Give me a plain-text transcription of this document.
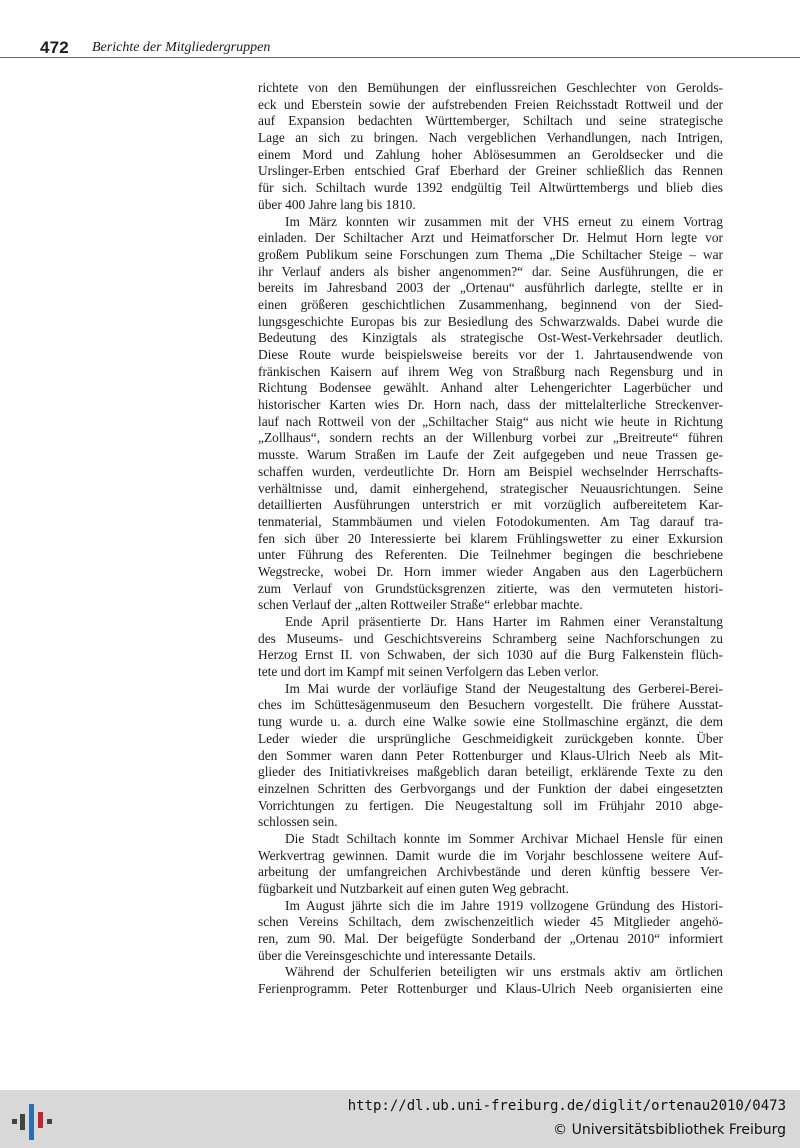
472 Berichte der Mitgliedergruppen
richtete von den Bemühungen der einflussreichen Geschlechter von Gerolds-
eck und Eberstein sowie der aufstrebenden Freien Reichsstadt Rottweil und der
auf Expansion bedachten Württemberger, Schiltach und seine strategische
Lage an sich zu bringen. Nach vergeblichen Verhandlungen, nach Intrigen,
einem Mord und Zahlung hoher Ablösesummen an Geroldsecker und die
Urslinger-Erben entschied Graf Eberhard der Greiner schließlich das Rennen
für sich. Schiltach wurde 1392 endgültig Teil Altwürttembergs und blieb dies
über 400 Jahre lang bis 1810.
Im März konnten wir zusammen mit der VHS erneut zu einem Vortrag
einladen. Der Schiltacher Arzt und Heimatforscher Dr. Helmut Horn legte vor
großem Publikum seine Forschungen zum Thema „Die Schiltacher Steige – war
ihr Verlauf anders als bisher angenommen?“ dar. Seine Ausführungen, die er
bereits im Jahresband 2003 der „Ortenau“ ausführlich darlegte, stellte er in
einen größeren geschichtlichen Zusammenhang, beginnend von der Sied-
lungsgeschichte Europas bis zur Besiedlung des Schwarzwalds. Dabei wurde die
Bedeutung des Kinzigtals als strategische Ost-West-Verkehrsader deutlich.
Diese Route wurde beispielsweise bereits vor der 1. Jahrtausendwende von
fränkischen Kaisern auf ihrem Weg von Straßburg nach Regensburg und in
Richtung Bodensee gewählt. Anhand alter Lehengerichter Lagerbücher und
historischer Karten wies Dr. Horn nach, dass der mittelalterliche Streckenver-
lauf nach Rottweil von der „Schiltacher Staig“ aus nicht wie heute in Richtung
„Zollhaus“, sondern rechts an der Willenburg vorbei zur „Breitreute“ führen
musste. Warum Straßen im Laufe der Zeit aufgegeben und neue Trassen ge-
schaffen wurden, verdeutlichte Dr. Horn am Beispiel wechselnder Herrschafts-
verhältnisse und, damit einhergehend, strategischer Neuausrichtungen. Seine
detaillierten Ausführungen unterstrich er mit vorzüglich aufbereitetem Kar-
tenmaterial, Stammbäumen und vielen Fotodokumenten. Am Tag darauf tra-
fen sich über 20 Interessierte bei klarem Frühlingswetter zu einer Exkursion
unter Führung des Referenten. Die Teilnehmer begingen die beschriebene
Wegstrecke, wobei Dr. Horn immer wieder Angaben aus den Lagerbüchern
zum Verlauf von Grundstücksgrenzen zitierte, was den vermuteten histori-
schen Verlauf der „alten Rottweiler Straße“ erlebbar machte.
Ende April präsentierte Dr. Hans Harter im Rahmen einer Veranstaltung
des Museums- und Geschichtsvereins Schramberg seine Nachforschungen zu
Herzog Ernst II. von Schwaben, der sich 1030 auf die Burg Falkenstein flüch-
tete und dort im Kampf mit seinen Verfolgern das Leben verlor.
Im Mai wurde der vorläufige Stand der Neugestaltung des Gerberei-Berei-
ches im Schüttesägenmuseum den Besuchern vorgestellt. Die frühere Ausstat-
tung wurde u. a. durch eine Walke sowie eine Stollmaschine ergänzt, die dem
Leder wieder die ursprüngliche Geschmeidigkeit zurückgeben konnte. Über
den Sommer waren dann Peter Rottenburger und Klaus-Ulrich Neeb als Mit-
glieder des Initiativkreises maßgeblich daran beteiligt, erklärende Texte zu den
einzelnen Schritten des Gerbvorgangs und der Funktion der dabei eingesetzten
Vorrichtungen zu fertigen. Die Neugestaltung soll im Frühjahr 2010 abge-
schlossen sein.
Die Stadt Schiltach konnte im Sommer Archivar Michael Hensle für einen
Werkvertrag gewinnen. Damit wurde die im Vorjahr beschlossene weitere Auf-
arbeitung der umfangreichen Archivbestände und deren künftig bessere Ver-
fügbarkeit und Nutzbarkeit auf einen guten Weg gebracht.
Im August jährte sich die im Jahre 1919 vollzogene Gründung des Histori-
schen Vereins Schiltach, dem zwischenzeitlich wieder 45 Mitglieder angehö-
ren, zum 90. Mal. Der beigefügte Sonderband der „Ortenau 2010“ informiert
über die Vereinsgeschichte und interessante Details.
Während der Schulferien beteiligten wir uns erstmals aktiv am örtlichen
Ferienprogramm. Peter Rottenburger und Klaus-Ulrich Neeb organisierten eine
http://dl.ub.uni-freiburg.de/diglit/ortenau2010/0473
© Universitätsbibliothek Freiburg
